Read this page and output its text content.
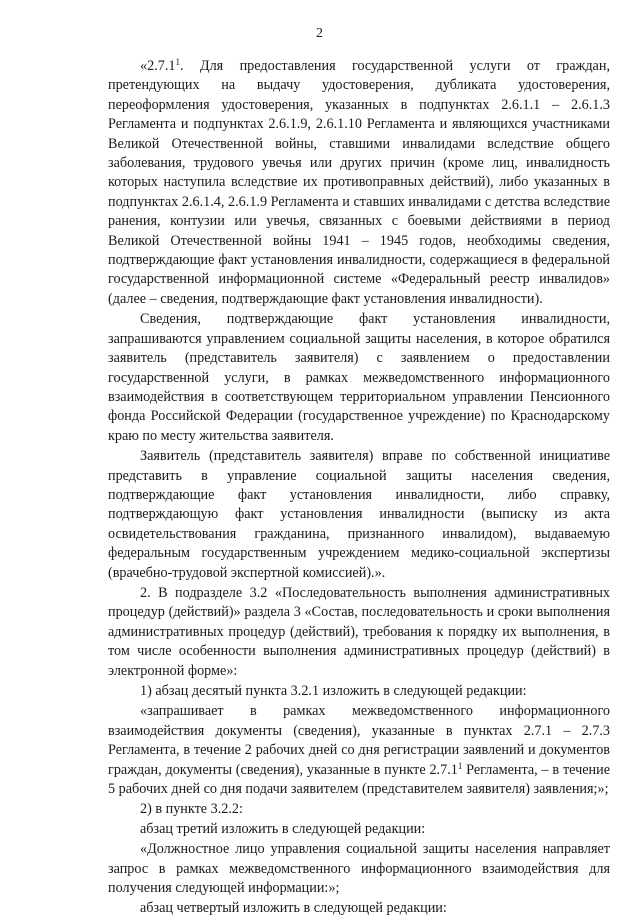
2

«2.7.1$^1$. Для предоставления государственной услуги от граждан, претендующих на выдачу удостоверения, дубликата удостоверения, переоформления удостоверения, указанных в подпунктах 2.6.1.1 – 2.6.1.3 Регламента и подпунктах 2.6.1.9, 2.6.1.10 Регламента и являющихся участниками Великой Отечественной войны, ставшими инвалидами вследствие общего заболевания, трудового увечья или других причин (кроме лиц, инвалидность которых наступила вследствие их противоправных действий), либо указанных в подпунктах 2.6.1.4, 2.6.1.9 Регламента и ставших инвалидами с детства вследствие ранения, контузии или увечья, связанных с боевыми действиями в период Великой Отечественной войны 1941 – 1945 годов, необходимы сведения, подтверждающие факт установления инвалидности, содержащиеся в федеральной государственной информационной системе «Федеральный реестр инвалидов» (далее – сведения, подтверждающие факт установления инвалидности).

Сведения, подтверждающие факт установления инвалидности, запрашиваются управлением социальной защиты населения, в которое обратился заявитель (представитель заявителя) с заявлением о предоставлении государственной услуги, в рамках межведомственного информационного взаимодействия в соответствующем территориальном управлении Пенсионного фонда Российской Федерации (государственное учреждение) по Краснодарскому краю по месту жительства заявителя.

Заявитель (представитель заявителя) вправе по собственной инициативе представить в управление социальной защиты населения сведения, подтверждающие факт установления инвалидности, либо справку, подтверждающую факт установления инвалидности (выписку из акта освидетельствования гражданина, признанного инвалидом), выдаваемую федеральным государственным учреждением медико-социальной экспертизы (врачебно-трудовой экспертной комиссией).».

2. В подразделе 3.2 «Последовательность выполнения административных процедур (действий)» раздела 3 «Состав, последовательность и сроки выполнения административных процедур (действий), требования к порядку их выполнения, в том числе особенности выполнения административных процедур (действий) в электронной форме»:

1) абзац десятый пункта 3.2.1 изложить в следующей редакции:

«запрашивает в рамках межведомственного информационного взаимодействия документы (сведения), указанные в пунктах 2.7.1 – 2.7.3 Регламента, в течение 2 рабочих дней со дня регистрации заявлений и документов граждан, документы (сведения), указанные в пункте 2.7.1$^1$ Регламента, – в течение 5 рабочих дней со дня подачи заявителем (представителем заявителя) заявления;»;

2) в пункте 3.2.2:

абзац третий изложить в следующей редакции:

«Должностное лицо управления социальной защиты населения направляет запрос в рамках межведомственного информационного взаимодействия для получения следующей информации:»;

абзац четвертый изложить в следующей редакции:
